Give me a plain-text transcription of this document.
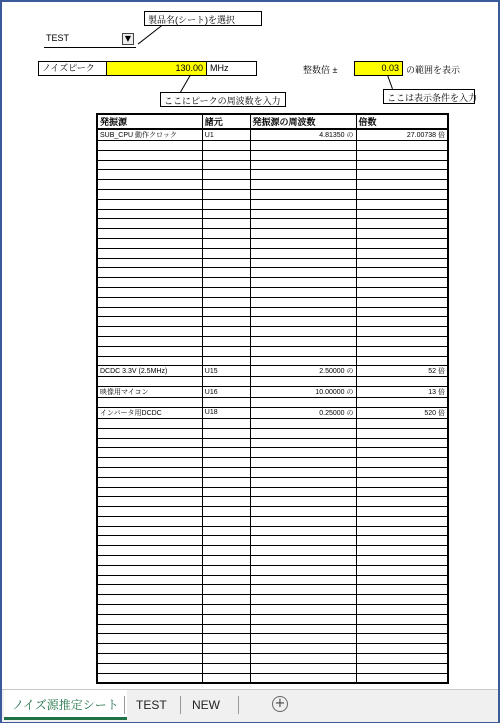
TEST	▼
製品名(シート)を選択
ノイズピーク	130.00 MHz
ここにピークの周波数を入力
整数倍 ±	0.03 の範囲を表示
ここは表示条件を入力
発振源	諸元	発振源の周波数	倍数
SUB_CPU 動作クロック	U1	4.81350 の	27.00738 倍

DCDC 3.3V (2.5MHz)	U15	2.50000 の	52 倍

映像用マイコン	U16	10.00000 の	13 倍

インバータ用DCDC	U18	0.25000 の	520 倍

ノイズ源推定シート	TEST	NEW	+
